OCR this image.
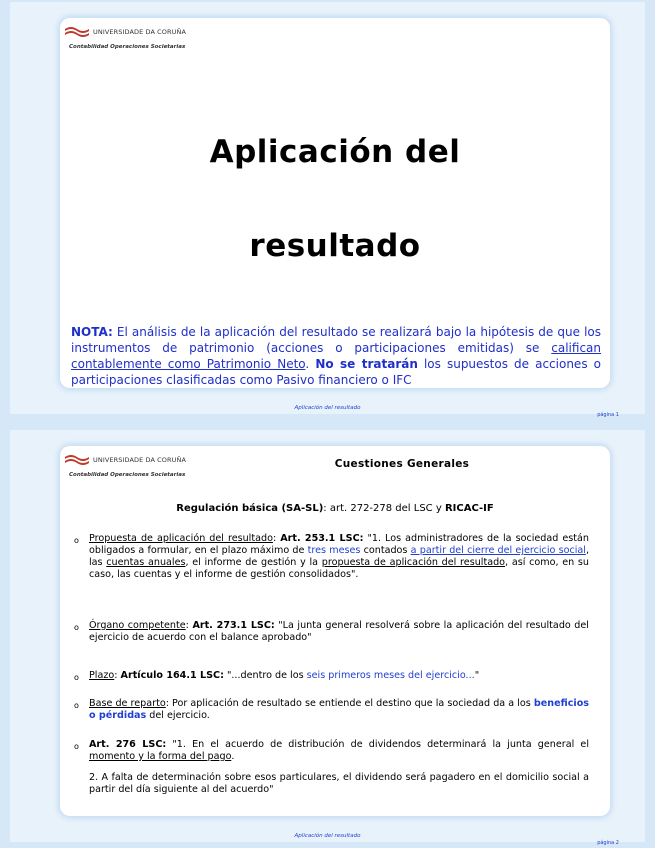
UNIVERSIDADE DA CORUÑA
Contabilidad Operaciones Societarias
Aplicación del
resultado
NOTA: El análisis de la aplicación del resultado se realizará bajo la hipótesis de que los instrumentos de patrimonio (acciones o participaciones emitidas) se califican contablemente como Patrimonio Neto. No se tratarán los supuestos de acciones o participaciones clasificadas como Pasivo financiero o IFC
Aplicación del resultado
página 1
UNIVERSIDADE DA CORUÑA
Contabilidad Operaciones Societarias
Cuestiones Generales
Regulación básica (SA-SL): art. 272-278 del LSC y RICAC-IF
o Propuesta de aplicación del resultado: Art. 253.1 LSC: "1. Los administradores de la sociedad están obligados a formular, en el plazo máximo de tres meses contados a partir del cierre del ejercicio social, las cuentas anuales, el informe de gestión y la propuesta de aplicación del resultado, así como, en su caso, las cuentas y el informe de gestión consolidados".
o Órgano competente: Art. 273.1 LSC: "La junta general resolverá sobre la aplicación del resultado del ejercicio de acuerdo con el balance aprobado"
o Plazo: Artículo 164.1 LSC: "...dentro de los seis primeros meses del ejercicio..."
o Base de reparto: Por aplicación de resultado se entiende el destino que la sociedad da a los beneficios o pérdidas del ejercicio.
o Art. 276 LSC: "1. En el acuerdo de distribución de dividendos determinará la junta general el momento y la forma del pago.
2. A falta de determinación sobre esos particulares, el dividendo será pagadero en el domicilio social a partir del día siguiente al del acuerdo"
Aplicación del resultado
página 2
